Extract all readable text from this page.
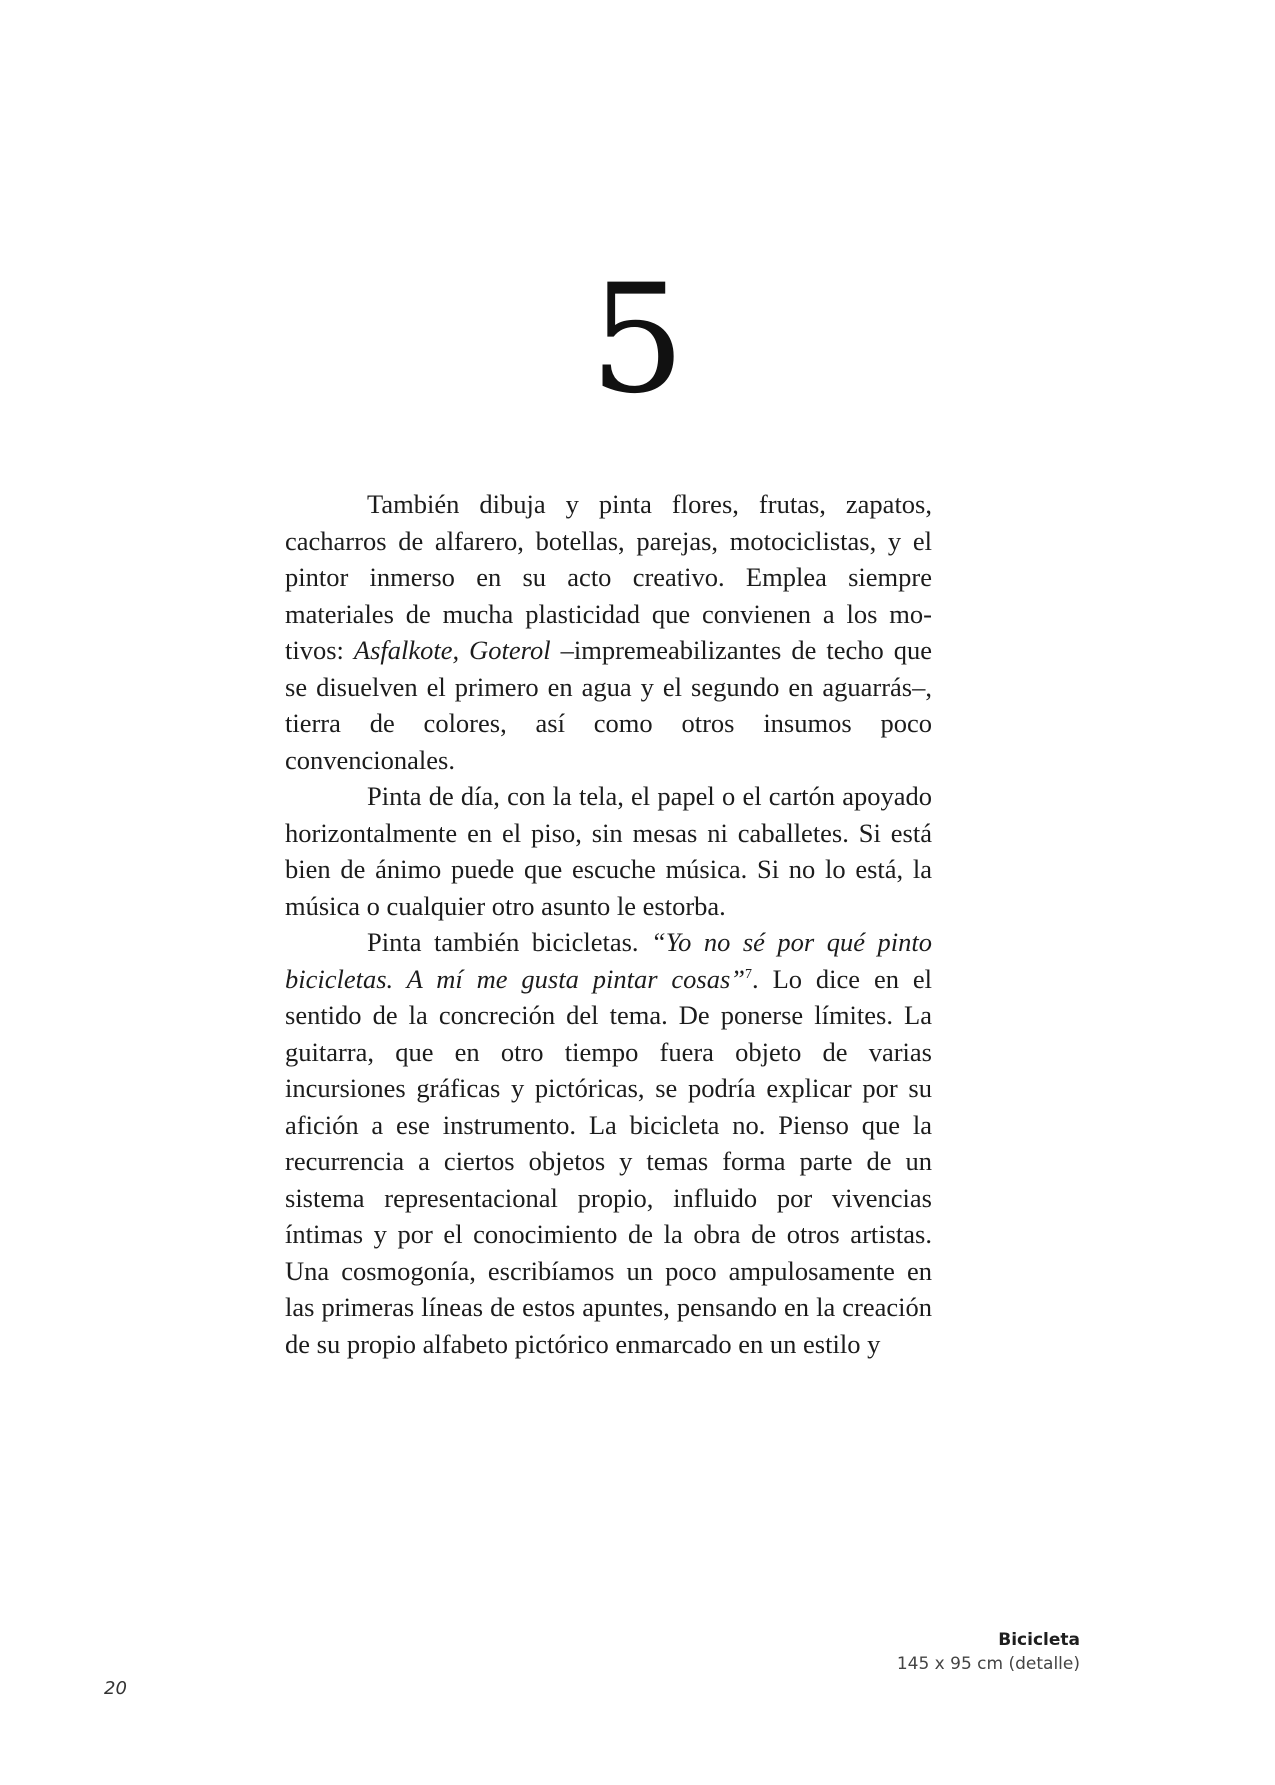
5

También dibuja y pinta flores, frutas, zapatos, cacharros de alfarero, botellas, parejas, motociclistas, y el pintor inmerso en su acto creativo. Emplea siempre materiales de mucha plasticidad que convienen a los motivos: Asfalkote, Goterol –impremeabilizantes de techo que se disuelven el primero en agua y el segundo en aguarrás–, tierra de colores, así como otros insumos poco convencionales.

Pinta de día, con la tela, el papel o el cartón apoyado horizontalmente en el piso, sin mesas ni caballetes. Si está bien de ánimo puede que escuche música. Si no lo está, la música o cualquier otro asunto le estorba.

Pinta también bicicletas. “Yo no sé por qué pinto bicicletas. A mí me gusta pintar cosas”$^7$. Lo dice en el sentido de la concreción del tema. De ponerse límites. La guitarra, que en otro tiempo fuera objeto de varias incursiones gráficas y pictóricas, se podría explicar por su afición a ese instrumento. La bicicleta no. Pienso que la recurrencia a ciertos objetos y temas forma parte de un sistema representacional propio, influido por vivencias íntimas y por el conocimiento de la obra de otros artistas. Una cosmogonía, escribíamos un poco ampulosamente en las primeras líneas de estos apuntes, pensando en la creación de su propio alfabeto pictórico enmarcado en un estilo y

Bicicleta
145 x 95 cm (detalle)
20
